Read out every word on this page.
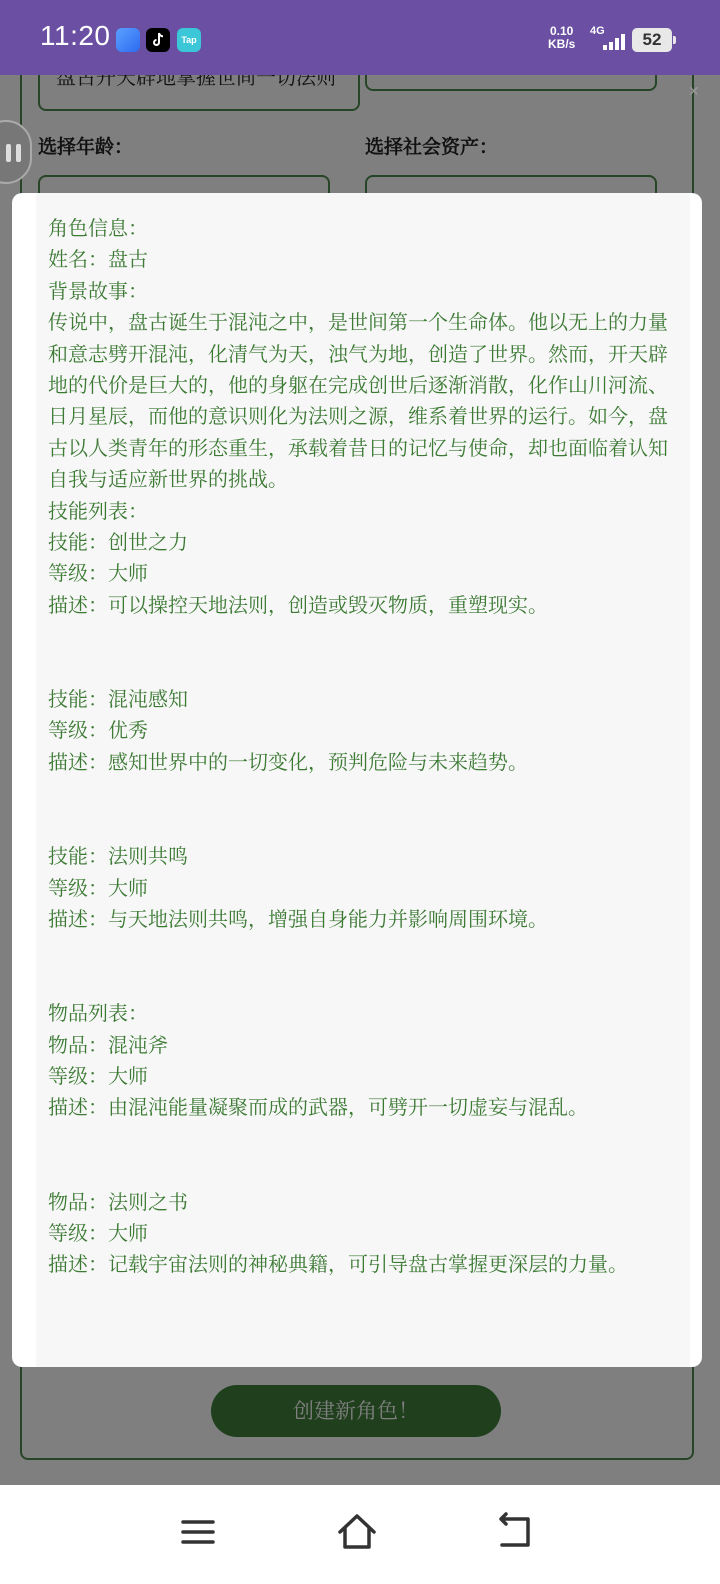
✕
11:20	Tap
0.10
KB/s
4G	52
角色信息：
姓名：盘古
背景故事：
传说中，盘古诞生于混沌之中，是世间第一个生命体。他以无上的力量和意志劈开混沌，化清气为天，浊气为地，创造了世界。然而，开天辟地的代价是巨大的，他的身躯在完成创世后逐渐消散，化作山川河流、日月星辰，而他的意识则化为法则之源，维系着世界的运行。如今，盘古以人类青年的形态重生，承载着昔日的记忆与使命，却也面临着认知自我与适应新世界的挑战。
技能列表：
技能：创世之力
等级：大师
描述：可以操控天地法则，创造或毁灭物质，重塑现实。
技能：混沌感知
等级：优秀
描述：感知世界中的一切变化，预判危险与未来趋势。
技能：法则共鸣
等级：大师
描述：与天地法则共鸣，增强自身能力并影响周围环境。
物品列表：
物品：混沌斧
等级：大师
描述：由混沌能量凝聚而成的武器，可劈开一切虚妄与混乱。
物品：法则之书
等级：大师
描述：记载宇宙法则的神秘典籍，可引导盘古掌握更深层的力量。
